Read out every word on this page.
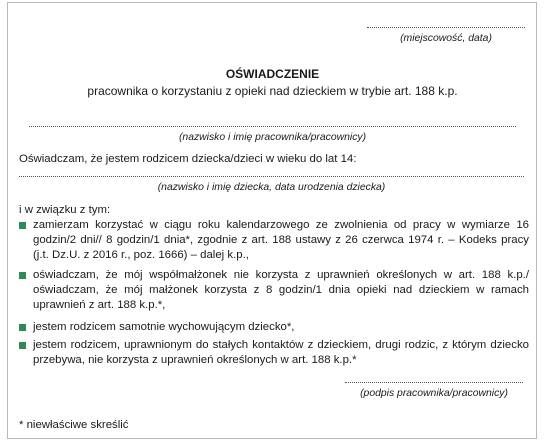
(miejscowość, data)
OŚWIADCZENIE
pracownika o korzystaniu z opieki nad dzieckiem w trybie art. 188 k.p.
(nazwisko i imię pracownika/pracownicy)
Oświadczam, że jestem rodzicem dziecka/dzieci w wieku do lat 14:
(nazwisko i imię dziecka, data urodzenia dziecka)
i w związku z tym:
zamierzam korzystać w ciągu roku kalendarzowego ze zwolnienia od pracy w wymiarze 16 godzin/2 dni// 8 godzin/1 dnia*, zgodnie z art. 188 ustawy z 26 czerwca 1974 r. – Kodeks pracy (j.t. Dz.U. z 2016 r., poz. 1666) – dalej k.p.,
oświadczam, że mój współmałżonek nie korzysta z uprawnień określonych w art. 188 k.p./ oświadczam, że mój małżonek korzysta z 8 godzin/1 dnia opieki nad dzieckiem w ramach uprawnień z art. 188 k.p.*,
jestem rodzicem samotnie wychowującym dziecko*,
jestem rodzicem, uprawnionym do stałych kontaktów z dzieckiem, drugi rodzic, z którym dziecko przebywa, nie korzysta z uprawnień określonych w art. 188 k.p.*
(podpis pracownika/pracownicy)
* niewłaściwe skreślić
